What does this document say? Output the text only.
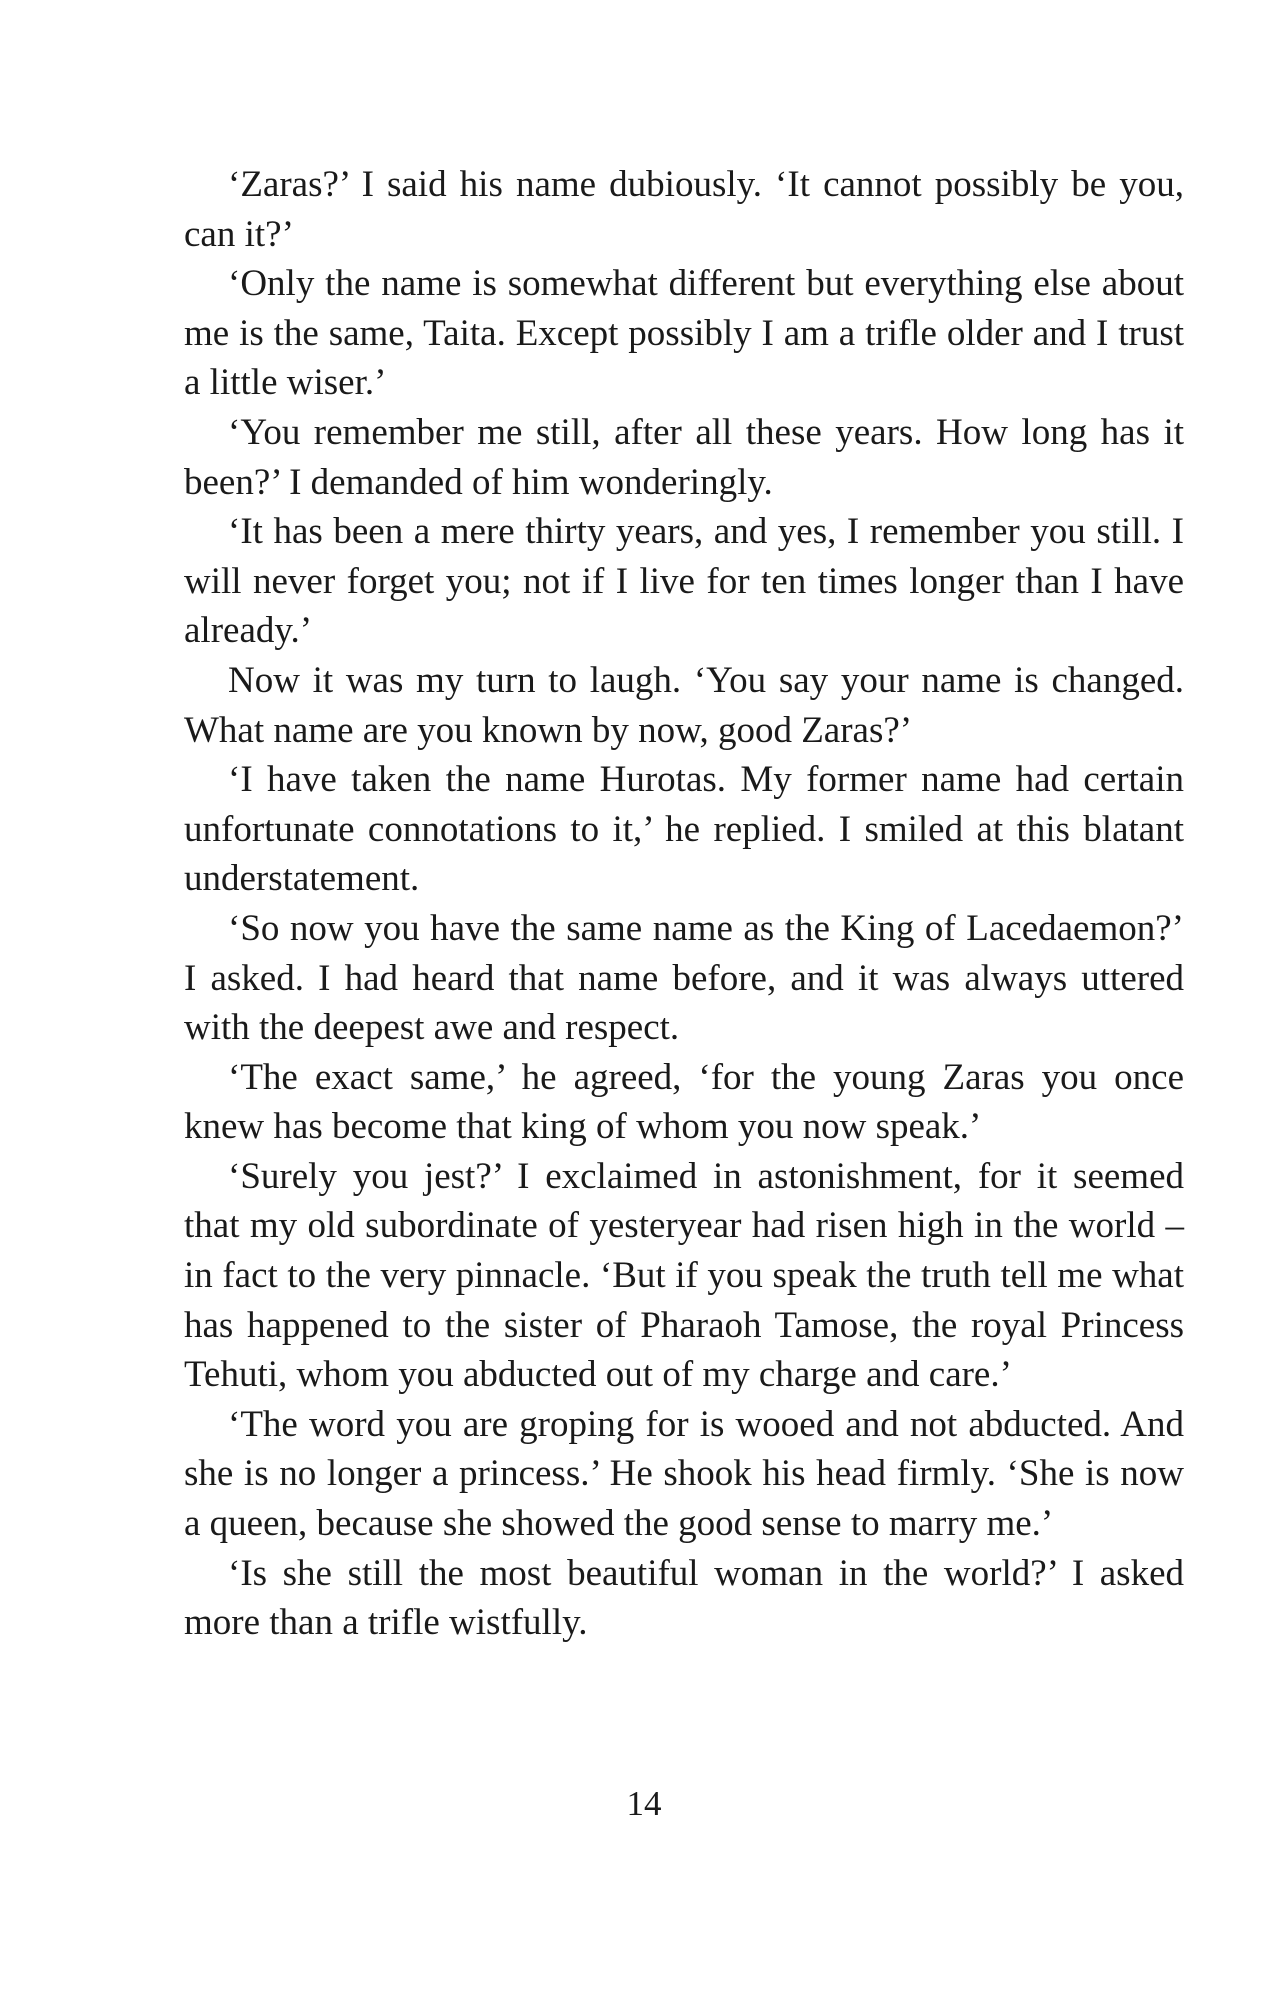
‘Zaras?’ I said his name dubiously. ‘It cannot possibly be you, can it?’

‘Only the name is somewhat different but everything else about me is the same, Taita. Except possibly I am a trifle older and I trust a little wiser.’

‘You remember me still, after all these years. How long has it been?’ I demanded of him wonderingly.

‘It has been a mere thirty years, and yes, I remember you still. I will never forget you; not if I live for ten times longer than I have already.’

Now it was my turn to laugh. ‘You say your name is changed. What name are you known by now, good Zaras?’

‘I have taken the name Hurotas. My former name had certain unfortunate connotations to it,’ he replied. I smiled at this blatant understatement.

‘So now you have the same name as the King of Lacedaemon?’ I asked. I had heard that name before, and it was always uttered with the deepest awe and respect.

‘The exact same,’ he agreed, ‘for the young Zaras you once knew has become that king of whom you now speak.’

‘Surely you jest?’ I exclaimed in astonishment, for it seemed that my old subordinate of yesteryear had risen high in the world – in fact to the very pinnacle. ‘But if you speak the truth tell me what has happened to the sister of Pharaoh Tamose, the royal Princess Tehuti, whom you abducted out of my charge and care.’

‘The word you are groping for is wooed and not abducted. And she is no longer a princess.’ He shook his head firmly. ‘She is now a queen, because she showed the good sense to marry me.’

‘Is she still the most beautiful woman in the world?’ I asked more than a trifle wistfully.

14
